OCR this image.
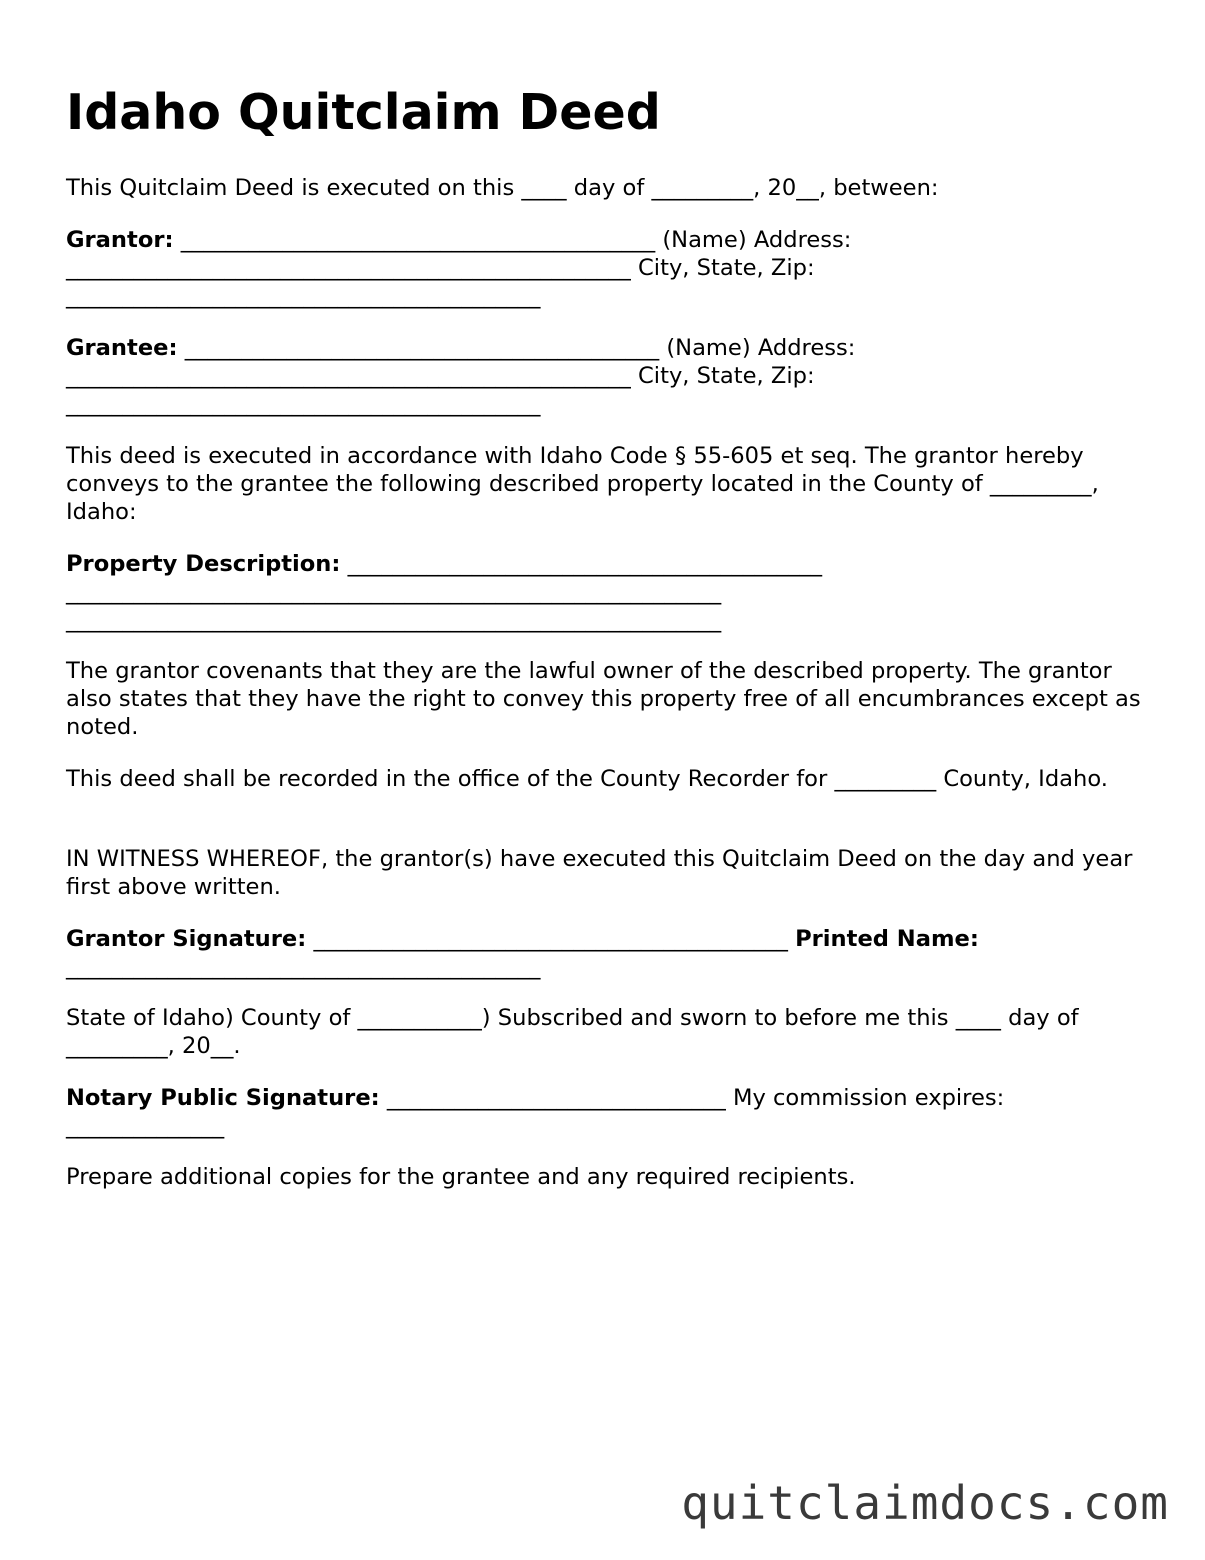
Idaho Quitclaim Deed

This Quitclaim Deed is executed on this ____ day of _________, 20__, between:

Grantor: __________________________________________ (Name) Address: __________________________________________________ City, State, Zip: __________________________________________

Grantee: __________________________________________ (Name) Address: __________________________________________________ City, State, Zip: __________________________________________

This deed is executed in accordance with Idaho Code § 55-605 et seq. The grantor hereby conveys to the grantee the following described property located in the County of _________, Idaho:

Property Description: __________________________________________ __________________________________________________________ __________________________________________________________

The grantor covenants that they are the lawful owner of the described property. The grantor also states that they have the right to convey this property free of all encumbrances except as noted.

This deed shall be recorded in the office of the County Recorder for _________ County, Idaho.

IN WITNESS WHEREOF, the grantor(s) have executed this Quitclaim Deed on the day and year first above written.

Grantor Signature: __________________________________________ Printed Name: __________________________________________

State of Idaho) County of ___________) Subscribed and sworn to before me this ____ day of _________, 20__.

Notary Public Signature: ______________________________ My commission expires: ______________

Prepare additional copies for the grantee and any required recipients.

quitclaimdocs.com
